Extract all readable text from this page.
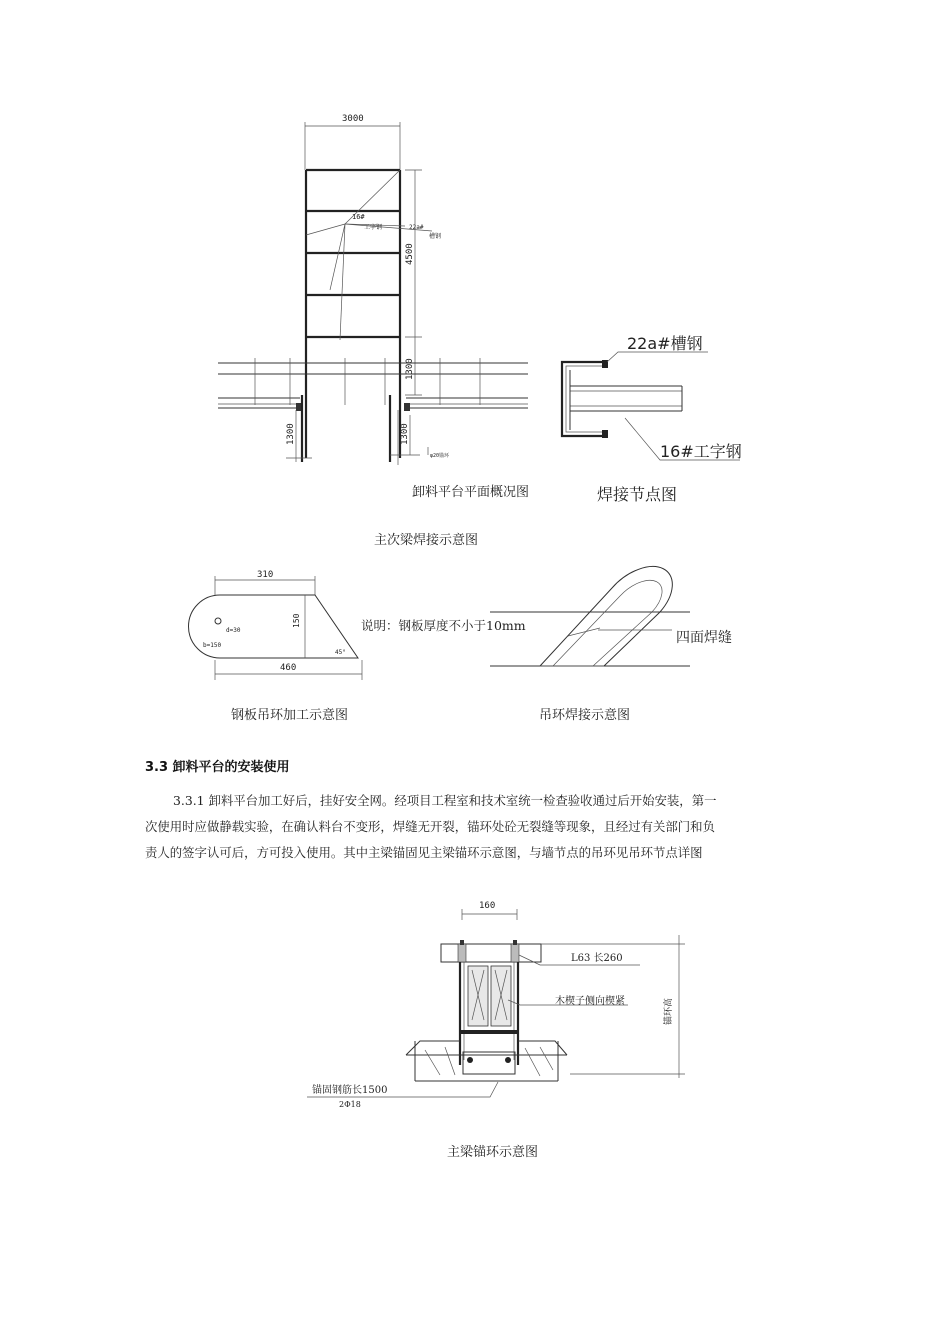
3000
16#
工字钢	22a#
槽钢
4500
1300
1300	1300
φ20锚环
22a#槽钢
16#工字钢
卸料平台平面概况图	焊接节点图
主次梁焊接示意图
310
150
d=30
b=150
45°
460
四面焊缝
说明：钢板厚度不小于10mm
钢板吊环加工示意图	吊环焊接示意图
3.3 卸料平台的安装使用
3.3.1 卸料平台加工好后，挂好安全网。经项目工程室和技术室统一检查验收通过后开始安装，第一
次使用时应做静载实验，在确认料台不变形，焊缝无开裂，锚环处砼无裂缝等现象，且经过有关部门和负
责人的签字认可后，方可投入使用。其中主梁锚固见主梁锚环示意图，与墙节点的吊环见吊环节点详图
160
锚环高
L63 长260
木楔子侧向楔紧
锚固钢筋长1500
2Φ18
主梁锚环示意图
